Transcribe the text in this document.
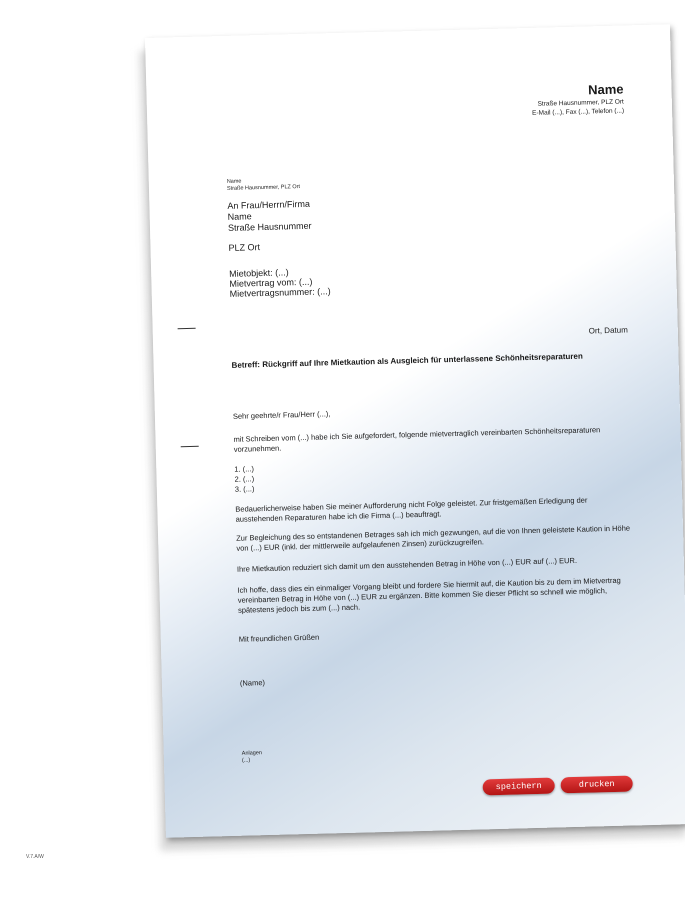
Name
Straße Hausnummer, PLZ Ort
E-Mail (...), Fax (...), Telefon (...)
Name
Straße Hausnummer, PLZ Ort
An Frau/Herrn/Firma
Name
Straße Hausnummer
PLZ Ort
Mietobjekt: (...)
Mietvertrag vom: (...)
Mietvertragsnummer: (...)
Ort, Datum
Betreff: Rückgriff auf Ihre Mietkaution als Ausgleich für unterlassene Schönheitsreparaturen
Sehr geehrte/r Frau/Herr (...),
mit Schreiben vom (...) habe ich Sie aufgefordert, folgende mietvertraglich vereinbarten Schönheitsreparaturen vorzunehmen.
1. (...)
2. (...)
3. (...)
Bedauerlicherweise haben Sie meiner Aufforderung nicht Folge geleistet. Zur fristgemäßen Erledigung der ausstehenden Reparaturen habe ich die Firma (...) beauftragt.
Zur Begleichung des so entstandenen Betrages sah ich mich gezwungen, auf die von Ihnen geleistete Kaution in Höhe von (...) EUR (inkl. der mittlerweile aufgelaufenen Zinsen) zurückzugreifen.
Ihre Mietkaution reduziert sich damit um den ausstehenden Betrag in Höhe von (...) EUR auf (...) EUR.
Ich hoffe, dass dies ein einmaliger Vorgang bleibt und fordere Sie hiermit auf, die Kaution bis zu dem im Mietvertrag vereinbarten Betrag in Höhe von (...) EUR zu ergänzen. Bitte kommen Sie dieser Pflicht so schnell wie möglich, spätestens jedoch bis zum (...) nach.
Mit freundlichen Grüßen
(Name)
Anlagen
(...)
speichern	drucken
V.7.A/W
